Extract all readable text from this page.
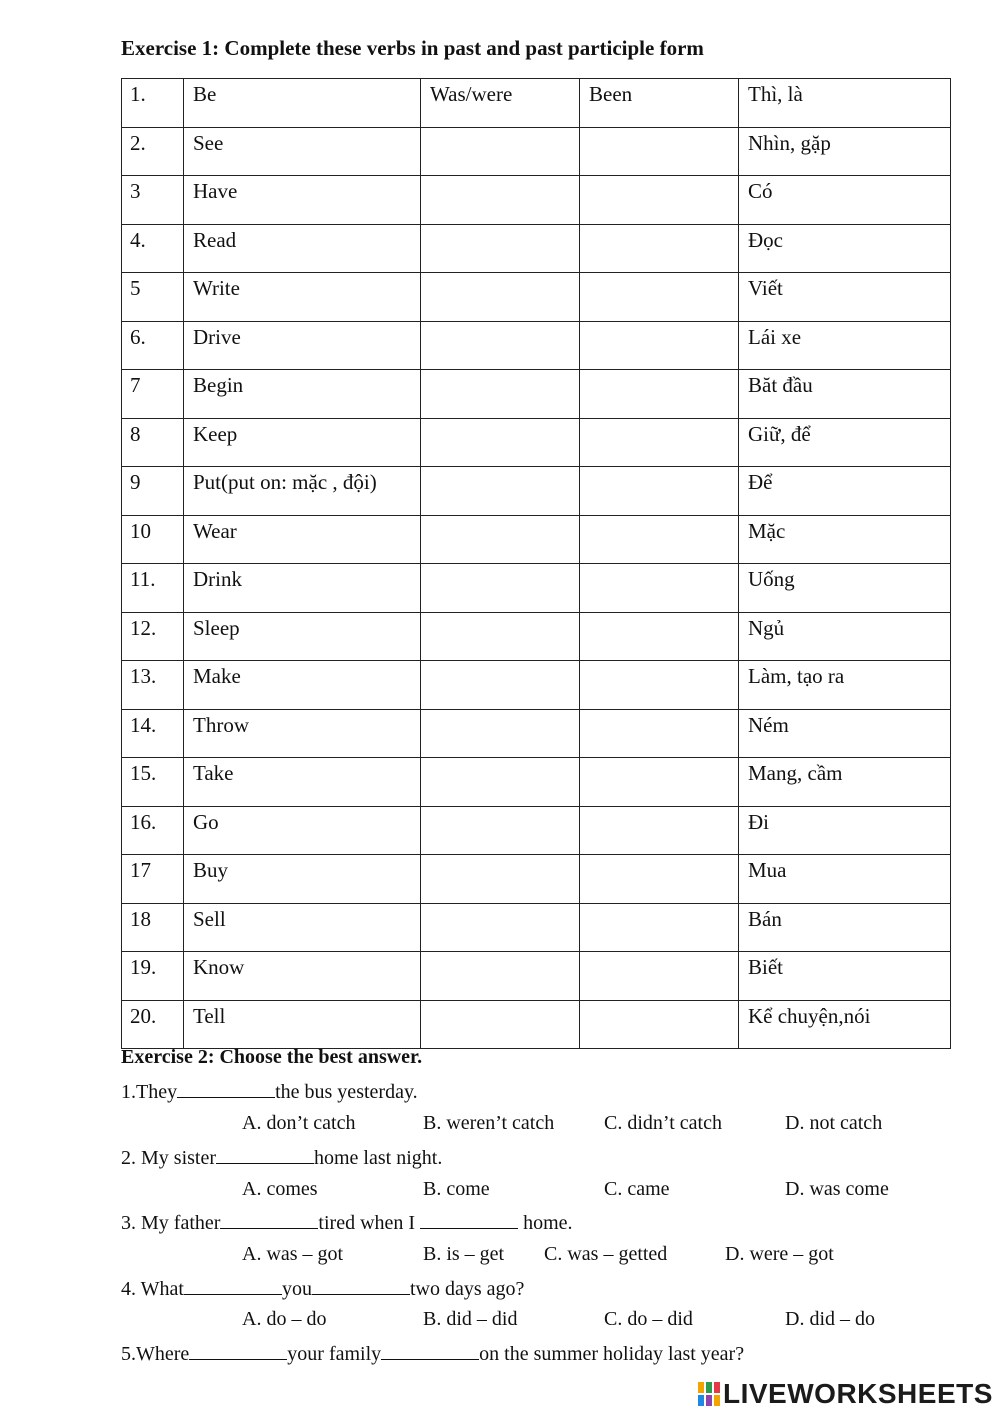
Exercise 1: Complete these verbs in past and past participle form
1.	Be	Was/were	Been	Thì, là
2.	See			Nhìn, gặp
3	Have			Có
4.	Read			Đọc
5	Write			Viết
6.	Drive			Lái xe
7	Begin			Băt đầu
8	Keep			Giữ, để
9	Put(put on: mặc , đội)			Để
10	Wear			Mặc
11.	Drink			Uống
12.	Sleep			Ngủ
13.	Make			Làm, tạo ra
14.	Throw			Ném
15.	Take			Mang, cầm
16.	Go			Đi
17	Buy			Mua
18	Sell			Bán
19.	Know			Biết
20.	Tell			Kể chuyện,nói
Exercise 2: Choose the best answer.
1.They	the bus yesterday.
A. don’t catch	B. weren’t catch C. didn’t catch	D. not catch
2. My sister	home last night.
A. comes	B. come	C. came	D. was come
3. My father	tired when I	home.
A. was – got	B. is – get C. was – getted	D. were – got
4. What	you	two days ago?
A. do – do	B. did – did	C. do – did	D. did – do
5.Where	your family	on the summer holiday last year?
LIVEWORKSHEETS
